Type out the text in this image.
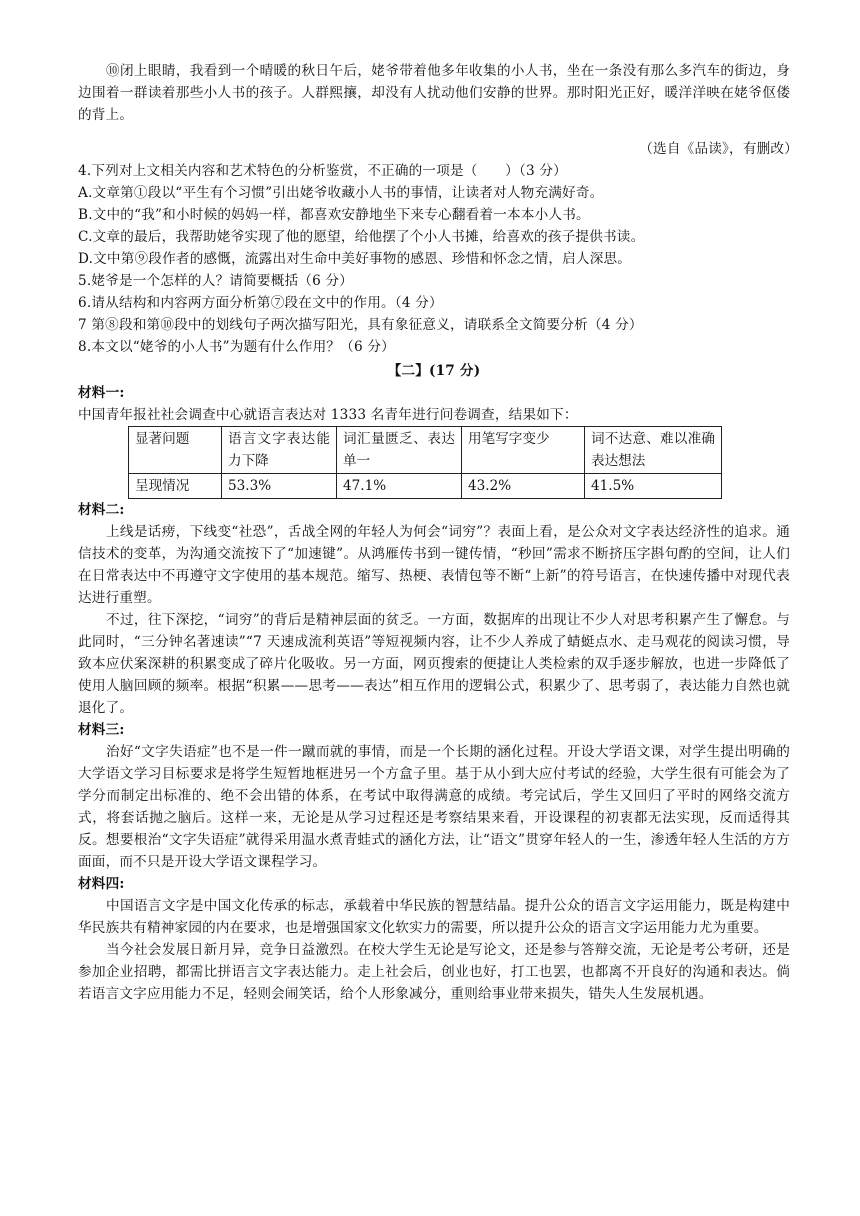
⑩闭上眼睛，我看到一个晴暖的秋日午后，姥爷带着他多年收集的小人书，坐在一条没有那么多汽车的街边，身边围着一群读着那些小人书的孩子。人群熙攘，却没有人扰动他们安静的世界。那时阳光正好，暖洋洋映在姥爷伛偻的背上。

（选自《品读》，有删改）

4.下列对上文相关内容和艺术特色的分析鉴赏，不正确的一项是（　　）（3 分）

A.文章第①段以“平生有个习惯”引出姥爷收藏小人书的事情，让读者对人物充满好奇。

B.文中的“我”和小时候的妈妈一样，都喜欢安静地坐下来专心翻看着一本本小人书。

C.文章的最后，我帮助姥爷实现了他的愿望，给他摆了个小人书摊，给喜欢的孩子提供书读。

D.文中第⑨段作者的感慨，流露出对生命中美好事物的感恩、珍惜和怀念之情，启人深思。

5.姥爷是一个怎样的人？请简要概括（6 分）

6.请从结构和内容两方面分析第⑦段在文中的作用。（4 分）

7 第⑧段和第⑩段中的划线句子两次描写阳光，具有象征意义，请联系全文简要分析（4 分）

8.本文以“姥爷的小人书”为题有什么作用？（6 分）

【二】(17 分)

材料一:

中国青年报社社会调查中心就语言表达对 1333 名青年进行问卷调查，结果如下：

显著问题	语言文字表达能力下降	词汇量匮乏、表达单一	用笔写字变少	词不达意、难以准确表达想法
呈现情况	53.3%	47.1%	43.2%	41.5%

材料二:

上线是话痨，下线变“社恐”，舌战全网的年轻人为何会“词穷”？表面上看，是公众对文字表达经济性的追求。通信技术的变革，为沟通交流按下了“加速键”。从鸿雁传书到一键传情，“秒回”需求不断挤压字斟句酌的空间，让人们在日常表达中不再遵守文字使用的基本规范。缩写、热梗、表情包等不断“上新”的符号语言，在快速传播中对现代表达进行重塑。

不过，往下深挖，“词穷”的背后是精神层面的贫乏。一方面，数据库的出现让不少人对思考积累产生了懈怠。与此同时，“三分钟名著速读”“7 天速成流利英语”等短视频内容，让不少人养成了蜻蜓点水、走马观花的阅读习惯，导致本应伏案深耕的积累变成了碎片化吸收。另一方面，网页搜索的便捷让人类检索的双手逐步解放，也进一步降低了使用人脑回顾的频率。根据“积累——思考——表达”相互作用的逻辑公式，积累少了、思考弱了，表达能力自然也就退化了。

材料三:

治好“文字失语症”也不是一件一蹴而就的事情，而是一个长期的涵化过程。开设大学语文课，对学生提出明确的大学语文学习目标要求是将学生短暂地框进另一个方盒子里。基于从小到大应付考试的经验，大学生很有可能会为了学分而制定出标准的、绝不会出错的体系，在考试中取得满意的成绩。考完试后，学生又回归了平时的网络交流方式，将套话抛之脑后。这样一来，无论是从学习过程还是考察结果来看，开设课程的初衷都无法实现，反而适得其反。想要根治“文字失语症”就得采用温水煮青蛙式的涵化方法，让“语文”贯穿年轻人的一生，渗透年轻人生活的方方面面，而不只是开设大学语文课程学习。

材料四:

中国语言文字是中国文化传承的标志，承载着中华民族的智慧结晶。提升公众的语言文字运用能力，既是构建中华民族共有精神家园的内在要求，也是增强国家文化软实力的需要，所以提升公众的语言文字运用能力尤为重要。

当今社会发展日新月异，竞争日益激烈。在校大学生无论是写论文，还是参与答辩交流，无论是考公考研，还是参加企业招聘，都需比拼语言文字表达能力。走上社会后，创业也好，打工也罢，也都离不开良好的沟通和表达。倘若语言文字应用能力不足，轻则会闹笑话，给个人形象减分，重则给事业带来损失，错失人生发展机遇。
